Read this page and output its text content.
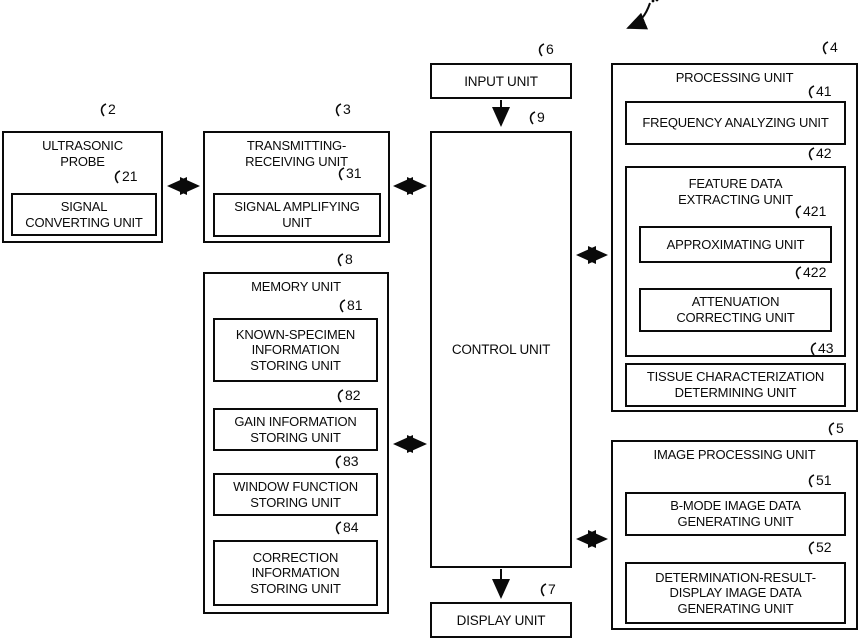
ULTRASONIC PROBE
SIGNAL CONVERTING UNIT
TRANSMITTING-RECEIVING UNIT
SIGNAL AMPLIFYING UNIT
INPUT UNIT
CONTROL UNIT
DISPLAY UNIT
PROCESSING UNIT
FREQUENCY ANALYZING UNIT
FEATURE DATA EXTRACTING UNIT
APPROXIMATING UNIT
ATTENUATION CORRECTING UNIT
TISSUE CHARACTERIZATION DETERMINING UNIT
IMAGE PROCESSING UNIT
B-MODE IMAGE DATA GENERATING UNIT
DETERMINATION-RESULT-DISPLAY IMAGE DATA GENERATING UNIT
MEMORY UNIT
KNOWN-SPECIMEN INFORMATION STORING UNIT
GAIN INFORMATION STORING UNIT
WINDOW FUNCTION STORING UNIT
CORRECTION INFORMATION STORING UNIT
2
21
3
31
6
9
7
4
41
42
421
422
43
5
51
52
8
81
82
83
84
